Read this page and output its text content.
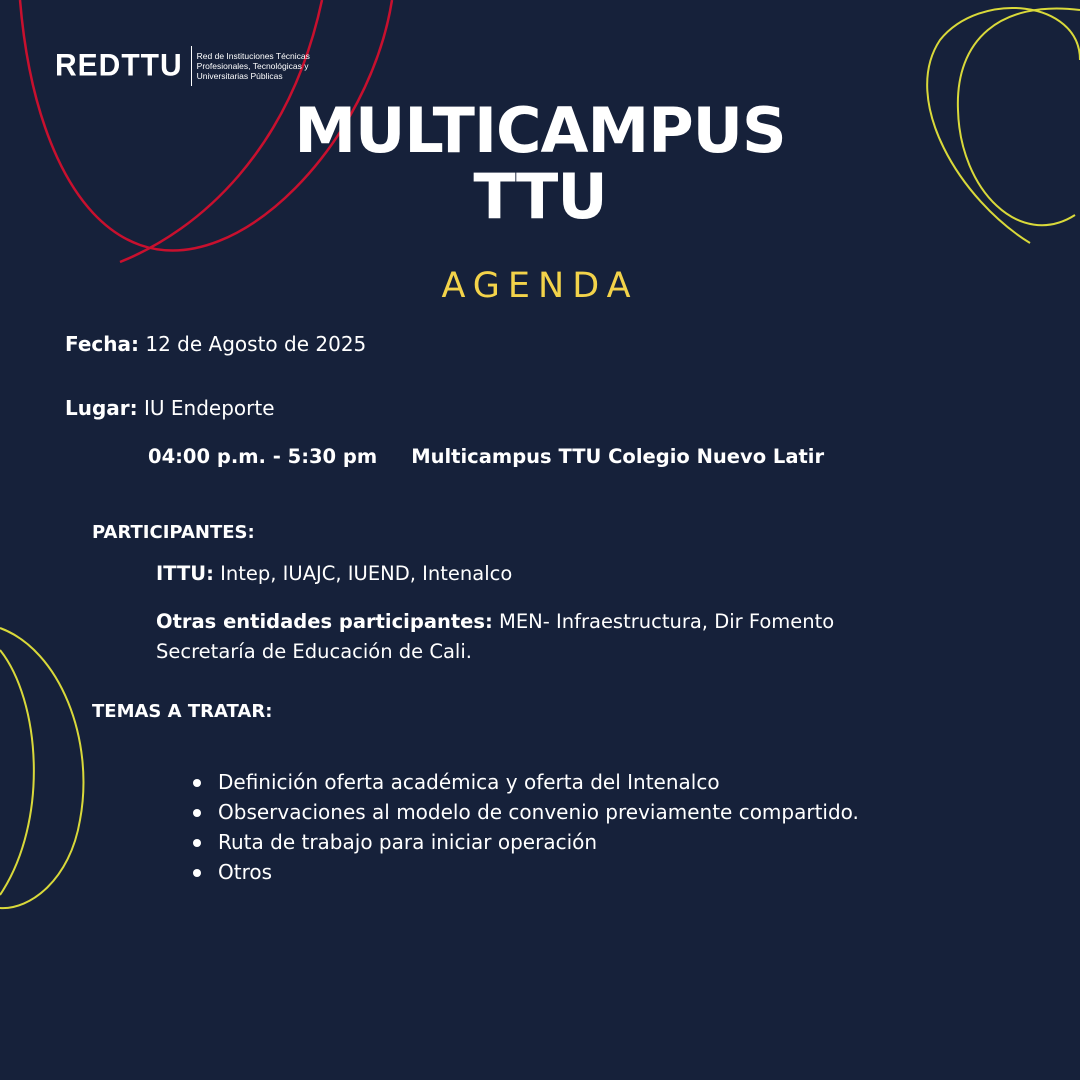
REDTTU Red de Instituciones Técnicas Profesionales, Tecnológicas y Universitarias Públicas
MULTICAMPUS
TTU
AGENDA
Fecha: 12 de Agosto de 2025
Lugar: IU Endeporte
04:00 p.m. - 5:30 pm Multicampus TTU Colegio Nuevo Latir
PARTICIPANTES:
ITTU: Intep, IUAJC, IUEND, Intenalco
Otras entidades participantes: MEN- Infraestructura, Dir Fomento
Secretaría de Educación de Cali.
TEMAS A TRATAR:
Definición oferta académica y oferta del Intenalco
Observaciones al modelo de convenio previamente compartido.
Ruta de trabajo para iniciar operación
Otros
